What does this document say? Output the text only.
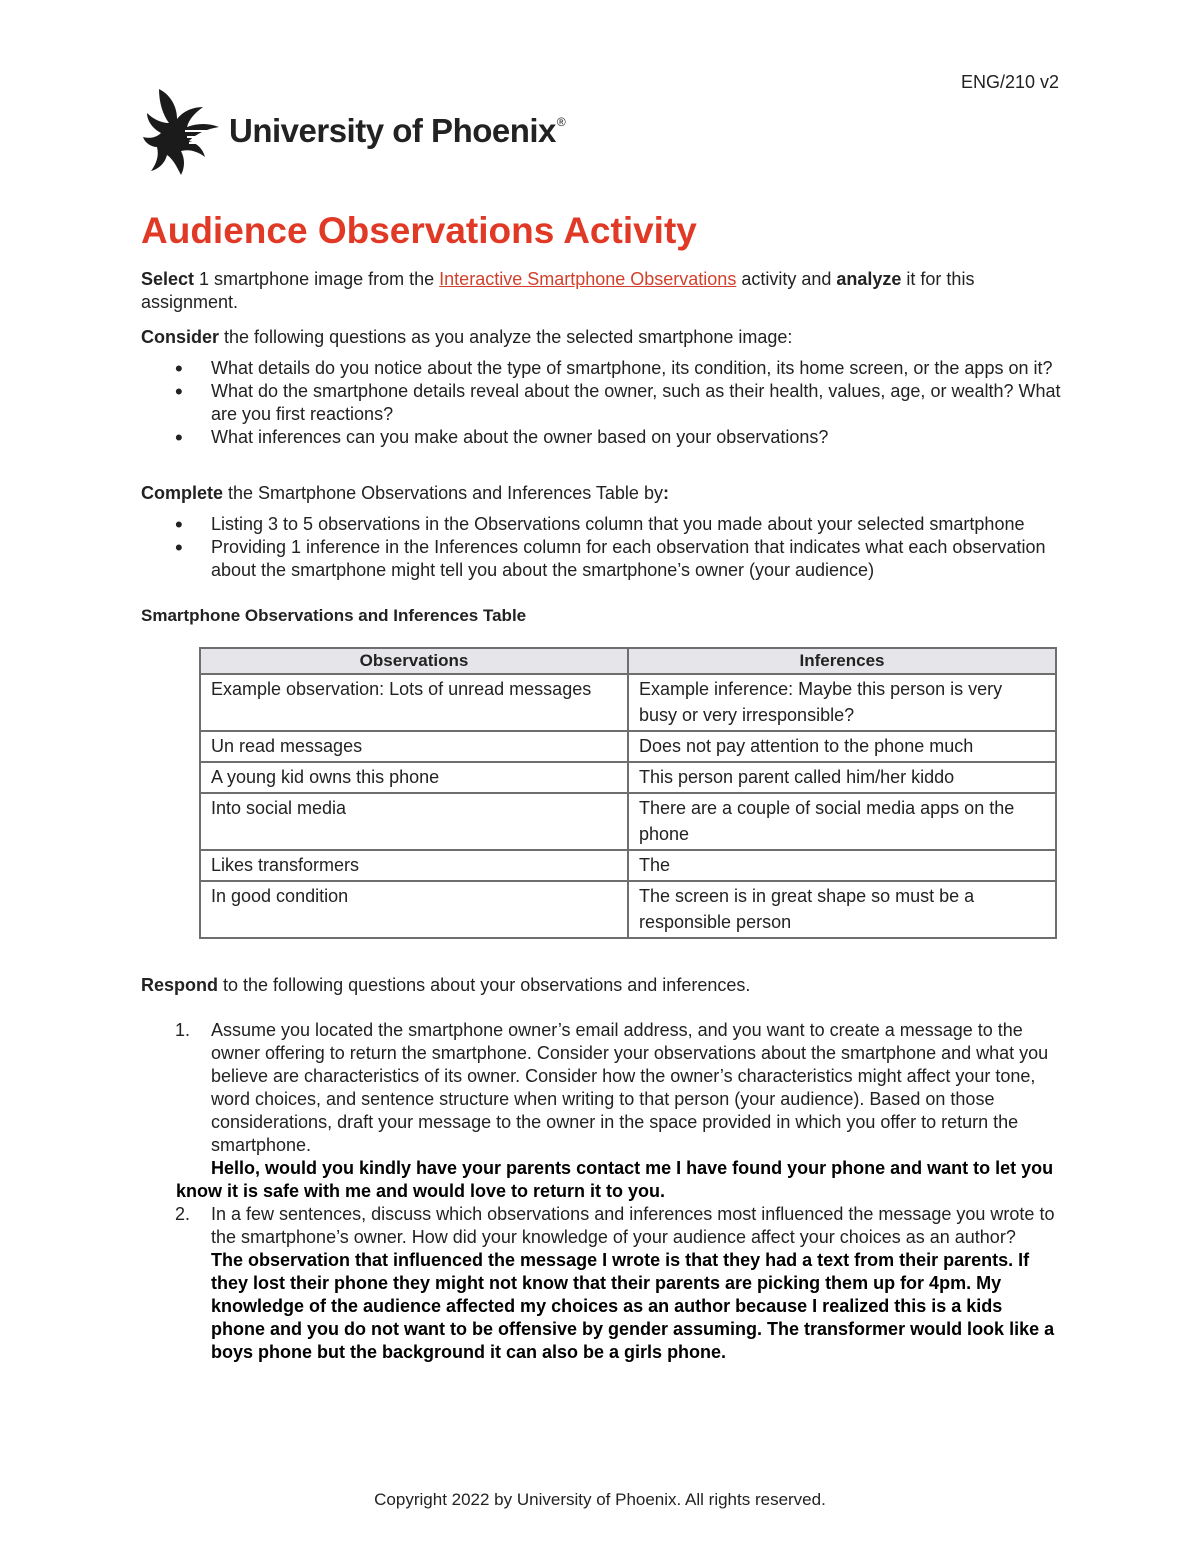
ENG/210 v2
University of Phoenix®
Audience Observations Activity

Select 1 smartphone image from the Interactive Smartphone Observations activity and analyze it for this assignment.

Consider the following questions as you analyze the selected smartphone image:

• What details do you notice about the type of smartphone, its condition, its home screen, or the apps on it?
• What do the smartphone details reveal about the owner, such as their health, values, age, or wealth? What are you first reactions?
• What inferences can you make about the owner based on your observations?

Complete the Smartphone Observations and Inferences Table by:

• Listing 3 to 5 observations in the Observations column that you made about your selected smartphone
• Providing 1 inference in the Inferences column for each observation that indicates what each observation about the smartphone might tell you about the smartphone’s owner (your audience)

Smartphone Observations and Inferences Table

Observations	Inferences
Example observation: Lots of unread messages	Example inference: Maybe this person is very busy or very irresponsible?
Un read messages	Does not pay attention to the phone much
A young kid owns this phone	This person parent called him/her kiddo
Into social media	There are a couple of social media apps on the phone
Likes transformers	The
In good condition	The screen is in great shape so must be a responsible person

Respond to the following questions about your observations and inferences.

1. Assume you located the smartphone owner’s email address, and you want to create a message to the owner offering to return the smartphone. Consider your observations about the smartphone and what you believe are characteristics of its owner. Consider how the owner’s characteristics might affect your tone, word choices, and sentence structure when writing to that person (your audience). Based on those considerations, draft your message to the owner in the space provided in which you offer to return the smartphone.
Hello, would you kindly have your parents contact me I have found your phone and want to let you know it is safe with me and would love to return it to you.
2. In a few sentences, discuss which observations and inferences most influenced the message you wrote to the smartphone’s owner. How did your knowledge of your audience affect your choices as an author?
The observation that influenced the message I wrote is that they had a text from their parents. If they lost their phone they might not know that their parents are picking them up for 4pm. My knowledge of the audience affected my choices as an author because I realized this is a kids phone and you do not want to be offensive by gender assuming. The transformer would look like a boys phone but the background it can also be a girls phone.
Copyright 2022 by University of Phoenix. All rights reserved.
